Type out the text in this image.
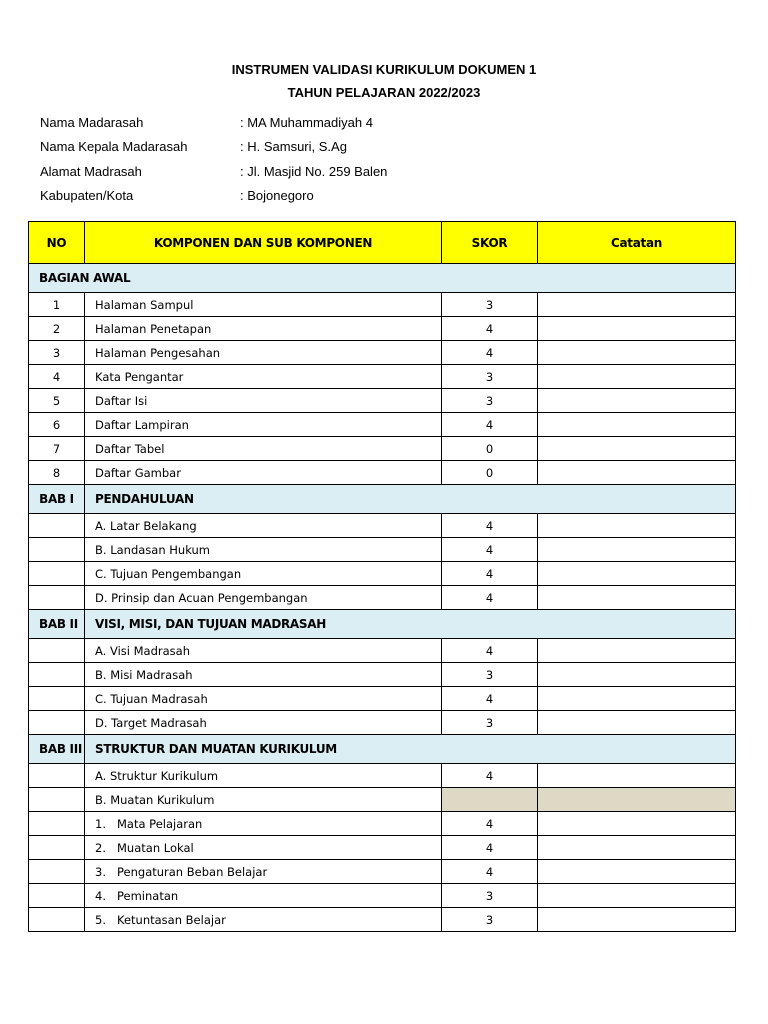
INSTRUMEN VALIDASI KURIKULUM DOKUMEN 1
TAHUN PELAJARAN 2022/2023
Nama Madarasah	: MA Muhammadiyah 4
Nama Kepala Madarasah	: H. Samsuri, S.Ag
Alamat Madrasah	: Jl. Masjid No. 259 Balen
Kabupaten/Kota	: Bojonegoro
NO	KOMPONEN DAN SUB KOMPONEN	SKOR	Catatan
BAGIAN AWAL			
1	Halaman Sampul	3	
2	Halaman Penetapan	4	
3	Halaman Pengesahan	4	
4	Kata Pengantar	3	
5	Daftar Isi	3	
6	Daftar Lampiran	4	
7	Daftar Tabel	0	
8	Daftar Gambar	0	
BAB I	PENDAHULUAN		
	A. Latar Belakang	4	
	B. Landasan Hukum	4	
	C. Tujuan Pengembangan	4	
	D. Prinsip dan Acuan Pengembangan	4	
BAB II	VISI, MISI, DAN TUJUAN MADRASAH		
	A. Visi Madrasah	4	
	B. Misi Madrasah	3	
	C. Tujuan Madrasah	4	
	D. Target Madrasah	3	
BAB III	STRUKTUR DAN MUATAN KURIKULUM		
	A. Struktur Kurikulum	4	
	B. Muatan Kurikulum		
	1. Mata Pelajaran	4	
	2. Muatan Lokal	4	
	3. Pengaturan Beban Belajar	4	
	4. Peminatan	3	
	5. Ketuntasan Belajar	3	
